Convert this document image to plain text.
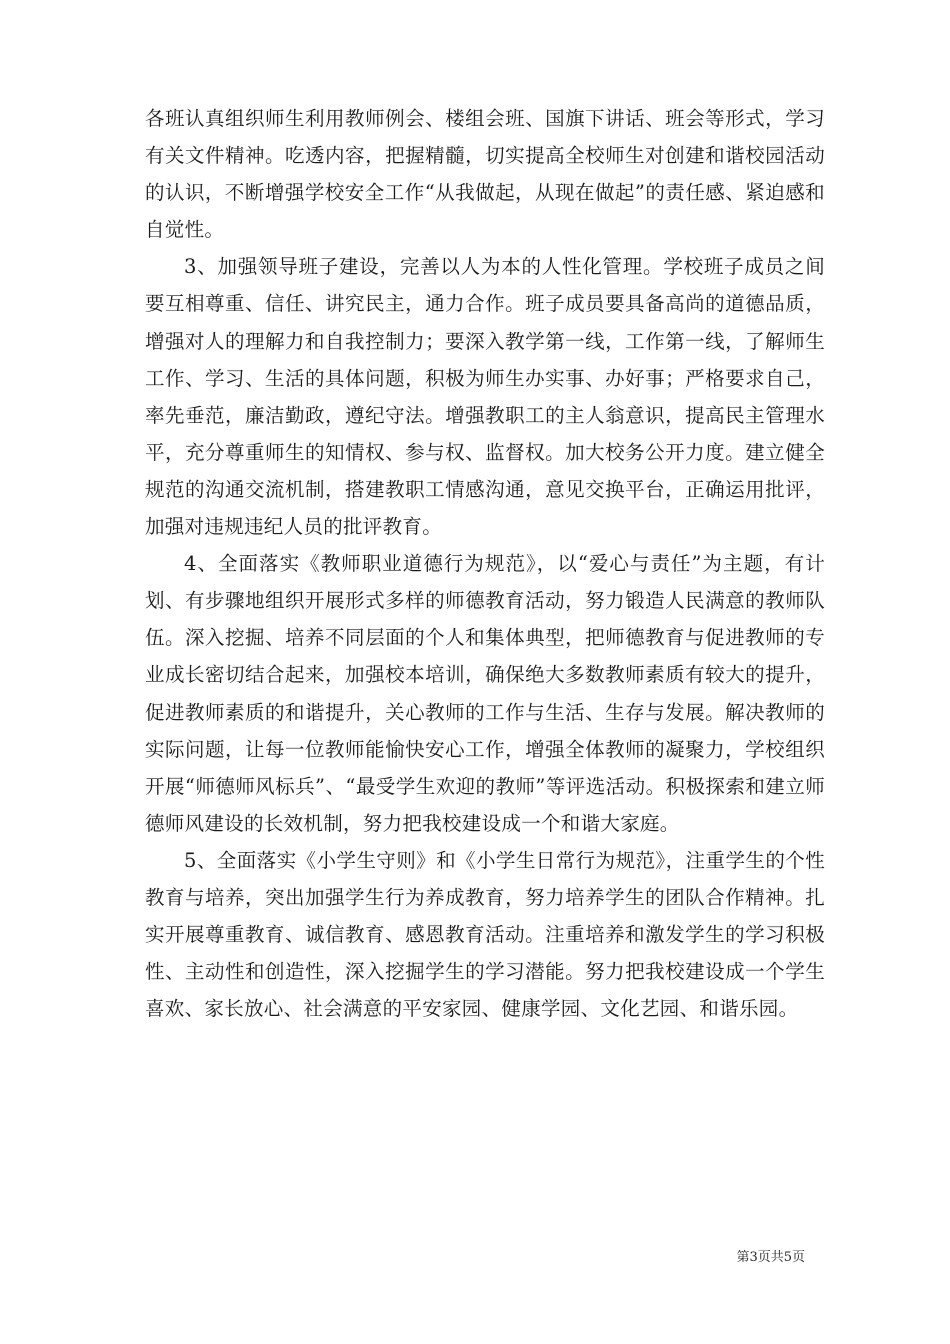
各班认真组织师生利用教师例会、楼组会班、国旗下讲话、班会等形式，学习有关文件精神。吃透内容，把握精髓，切实提高全校师生对创建和谐校园活动的认识，不断增强学校安全工作“从我做起，从现在做起”的责任感、紧迫感和自觉性。

3、加强领导班子建设，完善以人为本的人性化管理。学校班子成员之间要互相尊重、信任、讲究民主，通力合作。班子成员要具备高尚的道德品质，增强对人的理解力和自我控制力；要深入教学第一线，工作第一线，了解师生工作、学习、生活的具体问题，积极为师生办实事、办好事；严格要求自己，率先垂范，廉洁勤政，遵纪守法。增强教职工的主人翁意识，提高民主管理水平，充分尊重师生的知情权、参与权、监督权。加大校务公开力度。建立健全规范的沟通交流机制，搭建教职工情感沟通，意见交换平台，正确运用批评，加强对违规违纪人员的批评教育。

4、全面落实《教师职业道德行为规范》，以“爱心与责任”为主题，有计划、有步骤地组织开展形式多样的师德教育活动，努力锻造人民满意的教师队伍。深入挖掘、培养不同层面的个人和集体典型，把师德教育与促进教师的专业成长密切结合起来，加强校本培训，确保绝大多数教师素质有较大的提升，促进教师素质的和谐提升，关心教师的工作与生活、生存与发展。解决教师的实际问题，让每一位教师能愉快安心工作，增强全体教师的凝聚力，学校组织开展“师德师风标兵”、“最受学生欢迎的教师”等评选活动。积极探索和建立师德师风建设的长效机制，努力把我校建设成一个和谐大家庭。

5、全面落实《小学生守则》和《小学生日常行为规范》，注重学生的个性教育与培养，突出加强学生行为养成教育，努力培养学生的团队合作精神。扎实开展尊重教育、诚信教育、感恩教育活动。注重培养和激发学生的学习积极性、主动性和创造性，深入挖掘学生的学习潜能。努力把我校建设成一个学生喜欢、家长放心、社会满意的平安家园、健康学园、文化艺园、和谐乐园。

第3页共5页
